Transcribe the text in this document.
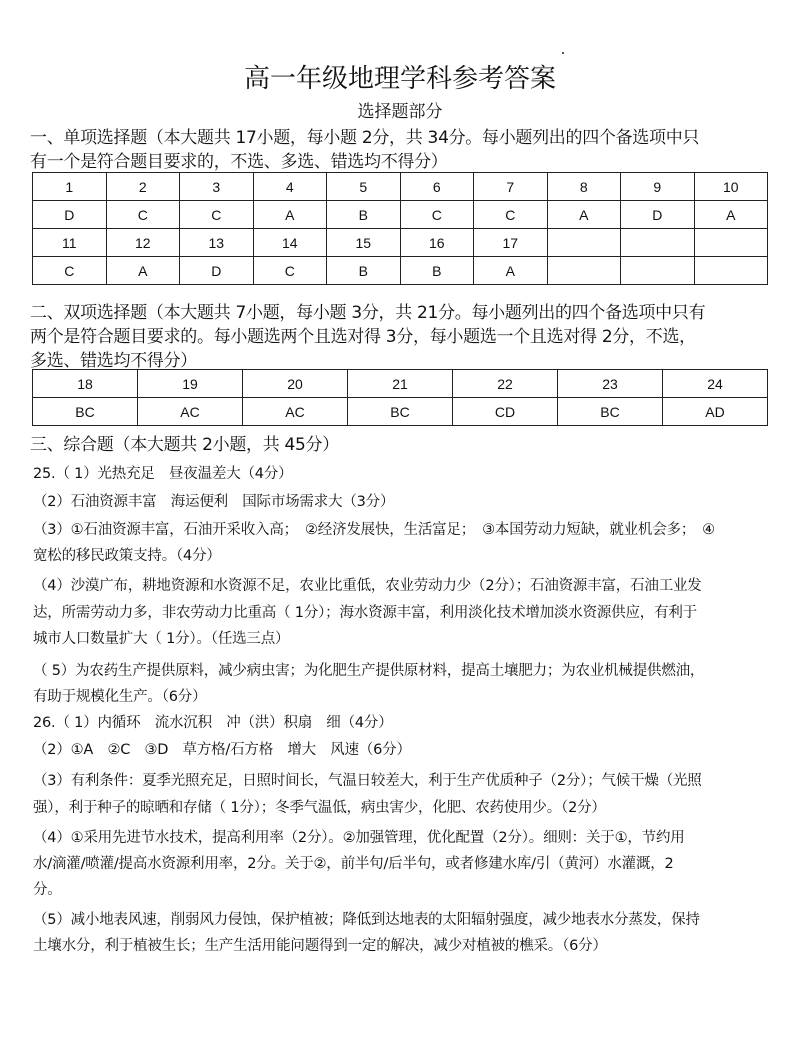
高一年级地理学科参考答案
选择题部分
一、单项选择题（本大题共 17小题，每小题 2分，共 34分。每小题列出的四个备选项中只
有一个是符合题目要求的，不选、多选、错选均不得分）
1	2	3	4	5	6	7	8	9	10
D	C	C	A	B	C	C	A	D	A
11	12	13	14	15	16	17			
C	A	D	C	B	B	A			
二、双项选择题（本大题共 7小题，每小题 3分，共 21分。每小题列出的四个备选项中只有
两个是符合题目要求的。每小题选两个且选对得 3分，每小题选一个且选对得 2分，不选，
多选、错选均不得分）
18	19	20	21	22	23	24
BC	AC	AC	BC	CD	BC	AD
三、综合题（本大题共 2小题，共 45分）
25.（ 1）光热充足　昼夜温差大（4分）
（2）石油资源丰富　海运便利　国际市场需求大（3分）
（3）①石油资源丰富，石油开采收入高；　②经济发展快，生活富足；　③本国劳动力短缺，就业机会多；　④
宽松的移民政策支持。（4分）
（4）沙漠广布，耕地资源和水资源不足，农业比重低，农业劳动力少（2分）；石油资源丰富，石油工业发
达，所需劳动力多，非农劳动力比重高（ 1分）；海水资源丰富，利用淡化技术增加淡水资源供应，有利于
城市人口数量扩大（ 1分）。（任选三点）
（ 5）为农药生产提供原料，减少病虫害；为化肥生产提供原材料，提高土壤肥力；为农业机械提供燃油，
有助于规模化生产。（6分）
26.（ 1）内循环　流水沉积　冲（洪）积扇　细（4分）
（2）①A　②C　③D　草方格/石方格　增大　风速（6分）
（3）有利条件：夏季光照充足，日照时间长，气温日较差大，利于生产优质种子（2分）；气候干燥（光照
强），利于种子的晾晒和存储（ 1分）；冬季气温低，病虫害少，化肥、农药使用少。（2分）
（4）①采用先进节水技术，提高利用率（2分）。②加强管理，优化配置（2分）。细则：关于①，节约用
水/滴灌/喷灌/提高水资源利用率，2分。关于②，前半句/后半句，或者修建水库/引（黄河）水灌溉，2
分。
（5）减小地表风速，削弱风力侵蚀，保护植被；降低到达地表的太阳辐射强度，减少地表水分蒸发，保持
土壤水分，利于植被生长；生产生活用能问题得到一定的解决，减少对植被的樵采。（6分）
